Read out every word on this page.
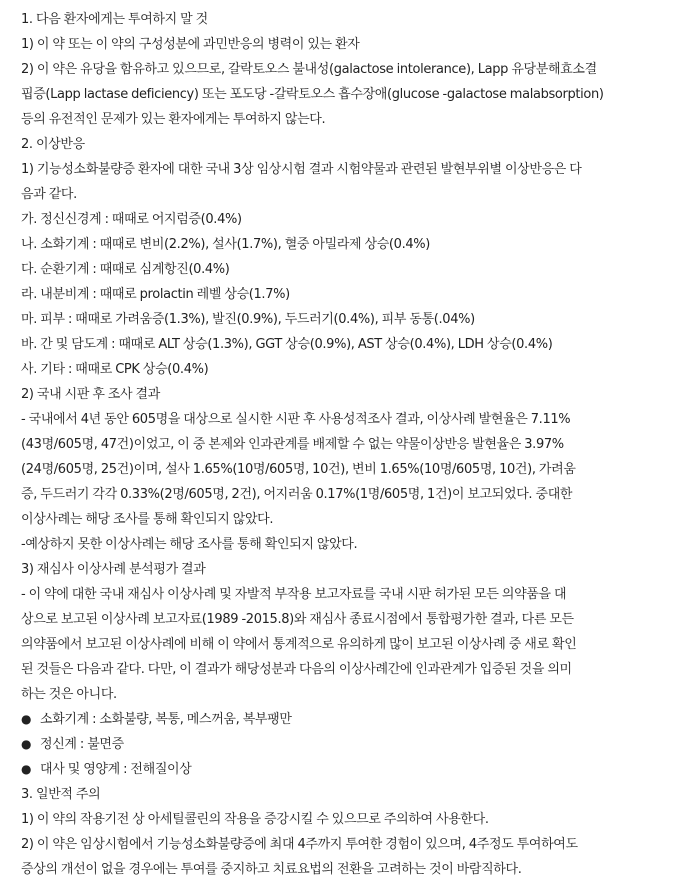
1. 다음 환자에게는 투여하지 말 것
1) 이 약 또는 이 약의 구성성분에 과민반응의 병력이 있는 환자
2) 이 약은 유당을 함유하고 있으므로, 갈락토오스 불내성(galactose intolerance), Lapp 유당분해효소결
핍증(Lapp lactase deficiency) 또는 포도당 -갈락토오스 흡수장애(glucose -galactose malabsorption)
등의 유전적인 문제가 있는 환자에게는 투여하지 않는다.
2. 이상반응
1) 기능성소화불량증 환자에 대한 국내 3상 임상시험 결과 시험약물과 관련된 발현부위별 이상반응은 다
음과 같다.
가. 정신신경계 : 때때로 어지럼증(0.4%)
나. 소화기계 : 때때로 변비(2.2%), 설사(1.7%), 혈중 아밀라제 상승(0.4%)
다. 순환기계 : 때때로 심계항진(0.4%)
라. 내분비계 : 때때로 prolactin 레벨 상승(1.7%)
마. 피부 : 때때로 가려움증(1.3%), 발진(0.9%), 두드러기(0.4%), 피부 동통(.04%)
바. 간 및 담도계 : 때때로 ALT 상승(1.3%), GGT 상승(0.9%), AST 상승(0.4%), LDH 상승(0.4%)
사. 기타 : 때때로 CPK 상승(0.4%)
2) 국내 시판 후 조사 결과
- 국내에서 4년 동안 605명을 대상으로 실시한 시판 후 사용성적조사 결과, 이상사례 발현율은 7.11%
(43명/605명, 47건)이었고, 이 중 본제와 인과관계를 배제할 수 없는 약물이상반응 발현율은 3.97%
(24명/605명, 25건)이며, 설사 1.65%(10명/605명, 10건), 변비 1.65%(10명/605명, 10건), 가려움
증, 두드러기 각각 0.33%(2명/605명, 2건), 어지러움 0.17%(1명/605명, 1건)이 보고되었다. 중대한
이상사례는 해당 조사를 통해 확인되지 않았다.
-예상하지 못한 이상사례는 해당 조사를 통해 확인되지 않았다.
3) 재심사 이상사례 분석평가 결과
- 이 약에 대한 국내 재심사 이상사례 및 자발적 부작용 보고자료를 국내 시판 허가된 모든 의약품을 대
상으로 보고된 이상사례 보고자료(1989 -2015.8)와 재심사 종료시점에서 통합평가한 결과, 다른 모든
의약품에서 보고된 이상사례에 비해 이 약에서 통계적으로 유의하게 많이 보고된 이상사례 중 새로 확인
된 것들은 다음과 같다. 다만, 이 결과가 해당성분과 다음의 이상사례간에 인과관계가 입증된 것을 의미
하는 것은 아니다.
● 소화기계 : 소화불량, 복통, 메스꺼움, 복부팽만
● 정신계 : 불면증
● 대사 및 영양계 : 전해질이상
3. 일반적 주의
1) 이 약의 작용기전 상 아세틸콜린의 작용을 증강시킬 수 있으므로 주의하여 사용한다.
2) 이 약은 임상시험에서 기능성소화불량증에 최대 4주까지 투여한 경험이 있으며, 4주정도 투여하여도
증상의 개선이 없을 경우에는 투여를 중지하고 치료요법의 전환을 고려하는 것이 바람직하다.
